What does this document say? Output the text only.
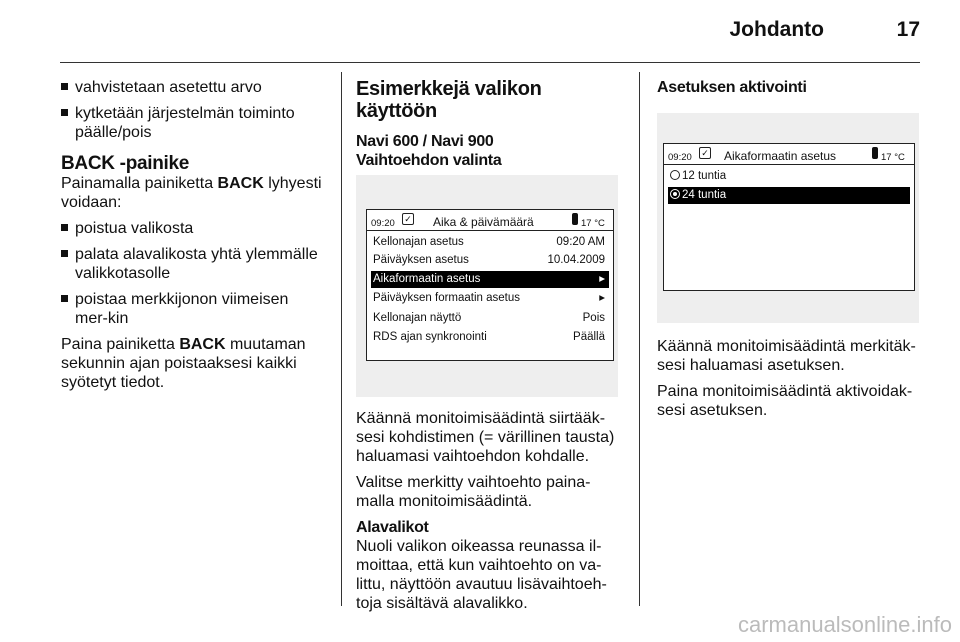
Johdanto	17
vahvistetaan asetettu arvo
kytketään järjestelmän toiminto päälle/pois
BACK -painike

Painamalla painiketta BACK lyhyesti voidaan:

poistua valikosta
palata alavalikosta yhtä ylemmälle valikkotasolle
poistaa merkkijonon viimeisen mer-kin

Paina painiketta BACK muutaman sekunnin ajan poistaaksesi kaikki syötetyt tiedot.

Esimerkkejä valikon käyttöön
Navi 600 / Navi 900
Vaihtoehdon valinta
09:20 ✓ Aika & päivämäärä	17 °C
Kellonajan asetus	09:20 AM
Päiväyksen asetus	10.04.2009
Aikaformaatin asetus	▸
Päiväyksen formaatin asetus	▸
Kellonajan näyttö	Pois
RDS ajan synkronointi	Päällä

Käännä monitoimisäädintä siirtääk-sesi kohdistimen (= värillinen tausta) haluamasi vaihtoehdon kohdalle.

Valitse merkitty vaihtoehto paina-malla monitoimisäädintä.

Alavalikot

Nuoli valikon oikeassa reunassa il-moittaa, että kun vaihtoehto on va-littu, näyttöön avautuu lisävaihtoeh-toja sisältävä alavalikko.

Asetuksen aktivointi
09:20 ✓ Aikaformaatin asetus	17 °C
12 tuntia
24 tuntia

Käännä monitoimisäädintä merkitäk-sesi haluamasi asetuksen.

Paina monitoimisäädintä aktivoidak-sesi asetuksen.

carmanualsonline.info
